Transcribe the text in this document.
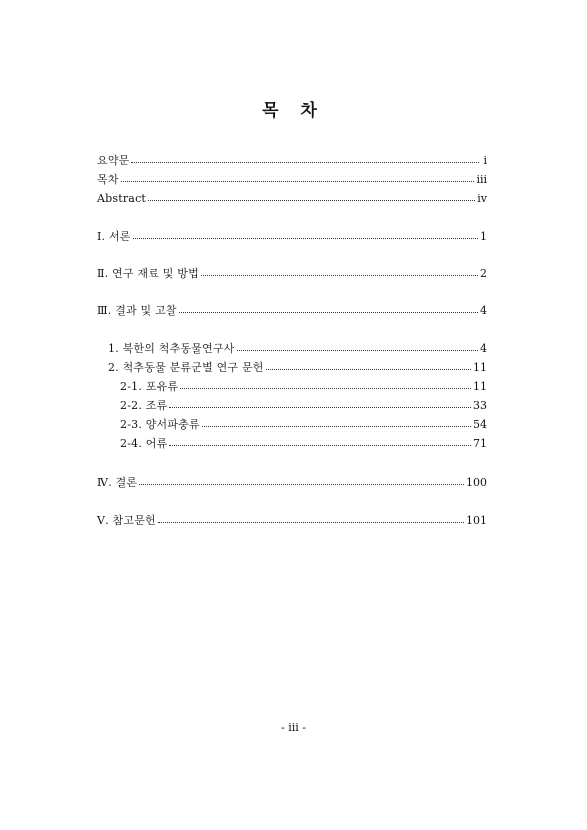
목 차
요약문	i
목차	iii
Abstract	iv
Ⅰ. 서론	1
Ⅱ. 연구 재료 및 방법	2
Ⅲ. 결과 및 고찰	4
1. 북한의 척추동물연구사	4
2. 척추동물 분류군별 연구 문헌	11
2-1. 포유류	11
2-2. 조류	33
2-3. 양서파충류	54
2-4. 어류	71
Ⅳ. 결론	100
Ⅴ. 참고문헌	101
- iii -
